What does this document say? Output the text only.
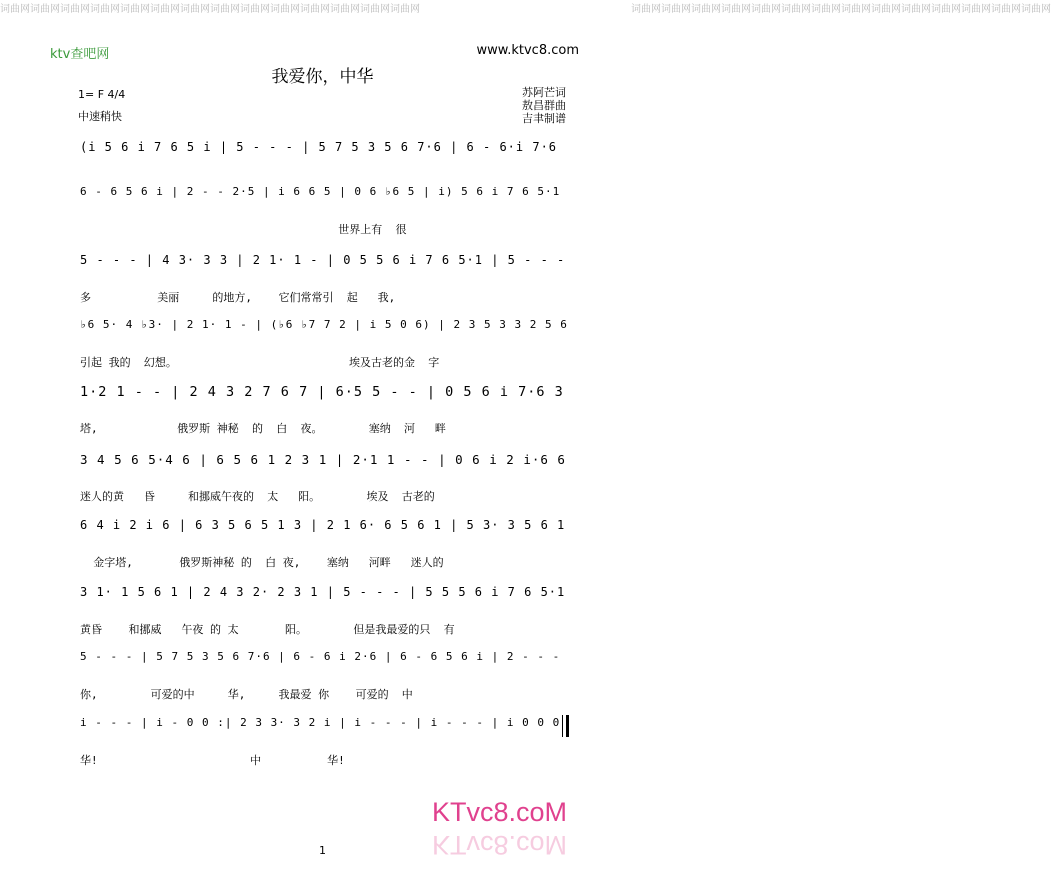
词曲网词曲网词曲网词曲网词曲网词曲网词曲网词曲网词曲网词曲网词曲网词曲网词曲网词曲网	词曲网词曲网词曲网词曲网词曲网词曲网词曲网词曲网词曲网词曲网词曲网词曲网词曲网词曲网
ktv查吧网	www.ktvc8.com
我爱你，中华
1= F 4/4
中速稍快
苏阿芒词
敖昌群曲
吉聿制谱
(i 5 6 i 7 6 5 i | 5 - - - | 5 7 5 3 5 6 7·6 | 6 - 6·i 7·6
6 - 6 5 6 i | 2 - - 2·5 | i 6 6 5 | 0 6 ♭6 5 | i) 5 6 i 7 6 5·1
世界上有  很
5 - - - | 4 3· 3 3 | 2 1· 1 - | 0 5 5 6 i 7 6 5·1 | 5 - - -
多          美丽     的地方,    它们常常引  起   我,
♭6 5· 4 ♭3· | 2 1· 1 - | (♭6 ♭7 7 2 | i 5 0 6) | 2 3 5 3 3 2 5 6
引起 我的  幻想。                          埃及古老的金  字
1·2 1 - - | 2 4 3 2 7 6 7 | 6·5 5 - - | 0 5 6 i 7·6 3
塔,            俄罗斯 神秘  的  白  夜。       塞纳  河   畔
3 4 5 6 5·4 6 | 6 5 6 1 2 3 1 | 2·1 1 - - | 0 6 i 2 i·6 6
迷人的黄   昏     和挪威午夜的  太   阳。       埃及  古老的
6 4 i 2 i 6 | 6 3 5 6 5 1 3 | 2 1 6· 6 5 6 1 | 5 3· 3 5 6 1
金字塔,       俄罗斯神秘 的  白 夜,    塞纳   河畔   迷人的
3 1· 1 5 6 1 | 2 4 3 2· 2 3 1 | 5 - - - | 5 5 5 6 i 7 6 5·1
黄昏    和挪威   午夜 的 太       阳。       但是我最爱的只  有
5 - - - | 5 7 5 3 5 6 7·6 | 6 - 6 i 2·6 | 6 - 6 5 6 i | 2 - - -
你,        可爱的中     华,     我最爱 你    可爱的  中
i - - - | i - 0 0 :| 2 3 3· 3 2 i | i - - - | i - - - | i 0 0 0
华!                       中          华!
KTvc8.coM
KTvc8.coM
1
